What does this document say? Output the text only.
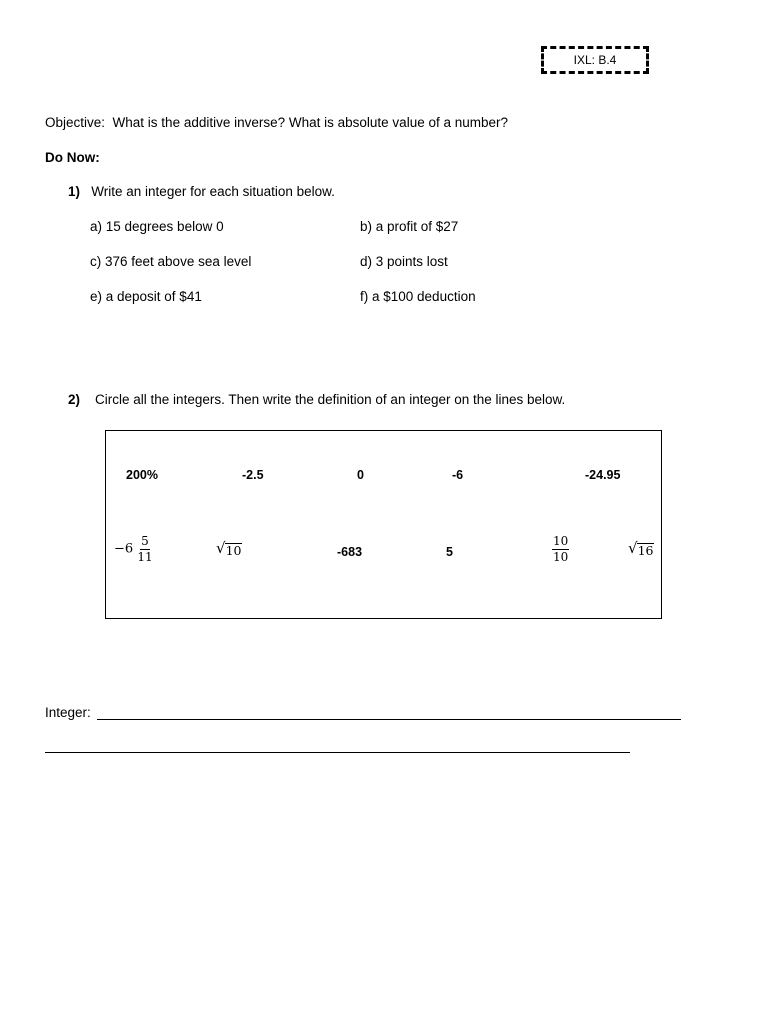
IXL: B.4
Objective: What is the additive inverse? What is absolute value of a number?
Do Now:
1) Write an integer for each situation below.
a) 15 degrees below 0	b) a profit of $27
c) 376 feet above sea level	d) 3 points lost
e) a deposit of $41	f) a $100 deduction
2) Circle all the integers. Then write the definition of an integer on the lines below.
200%	-2.5	0	-6	-24.95
$-6 \frac{5}{11}$	√ 10	-683	5	$\frac{10}{10}$	√ 16
Integer:
